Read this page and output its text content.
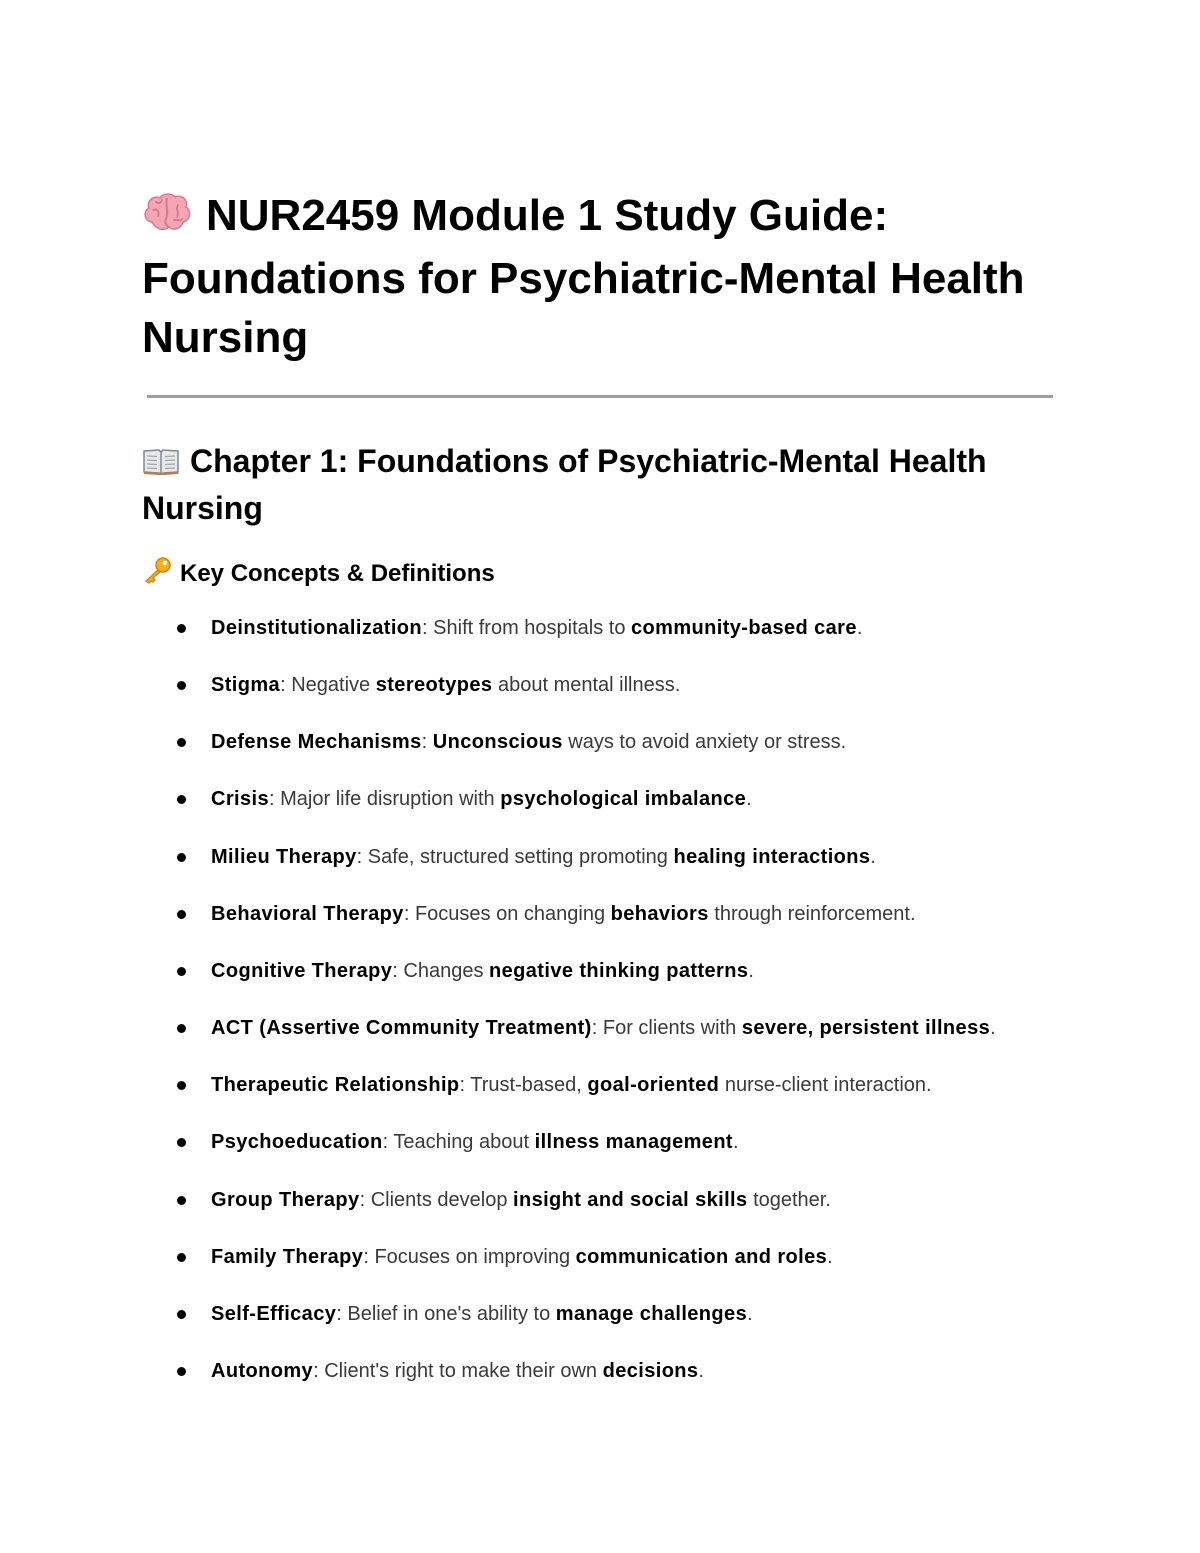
NUR2459 Module 1 Study Guide: Foundations for Psychiatric-Mental Health Nursing
Chapter 1: Foundations of Psychiatric-Mental Health Nursing
Key Concepts & Definitions
Deinstitutionalization: Shift from hospitals to community-based care.
Stigma: Negative stereotypes about mental illness.
Defense Mechanisms: Unconscious ways to avoid anxiety or stress.
Crisis: Major life disruption with psychological imbalance.
Milieu Therapy: Safe, structured setting promoting healing interactions.
Behavioral Therapy: Focuses on changing behaviors through reinforcement.
Cognitive Therapy: Changes negative thinking patterns.
ACT (Assertive Community Treatment): For clients with severe, persistent illness.
Therapeutic Relationship: Trust-based, goal-oriented nurse-client interaction.
Psychoeducation: Teaching about illness management.
Group Therapy: Clients develop insight and social skills together.
Family Therapy: Focuses on improving communication and roles.
Self-Efficacy: Belief in one's ability to manage challenges.
Autonomy: Client's right to make their own decisions.
